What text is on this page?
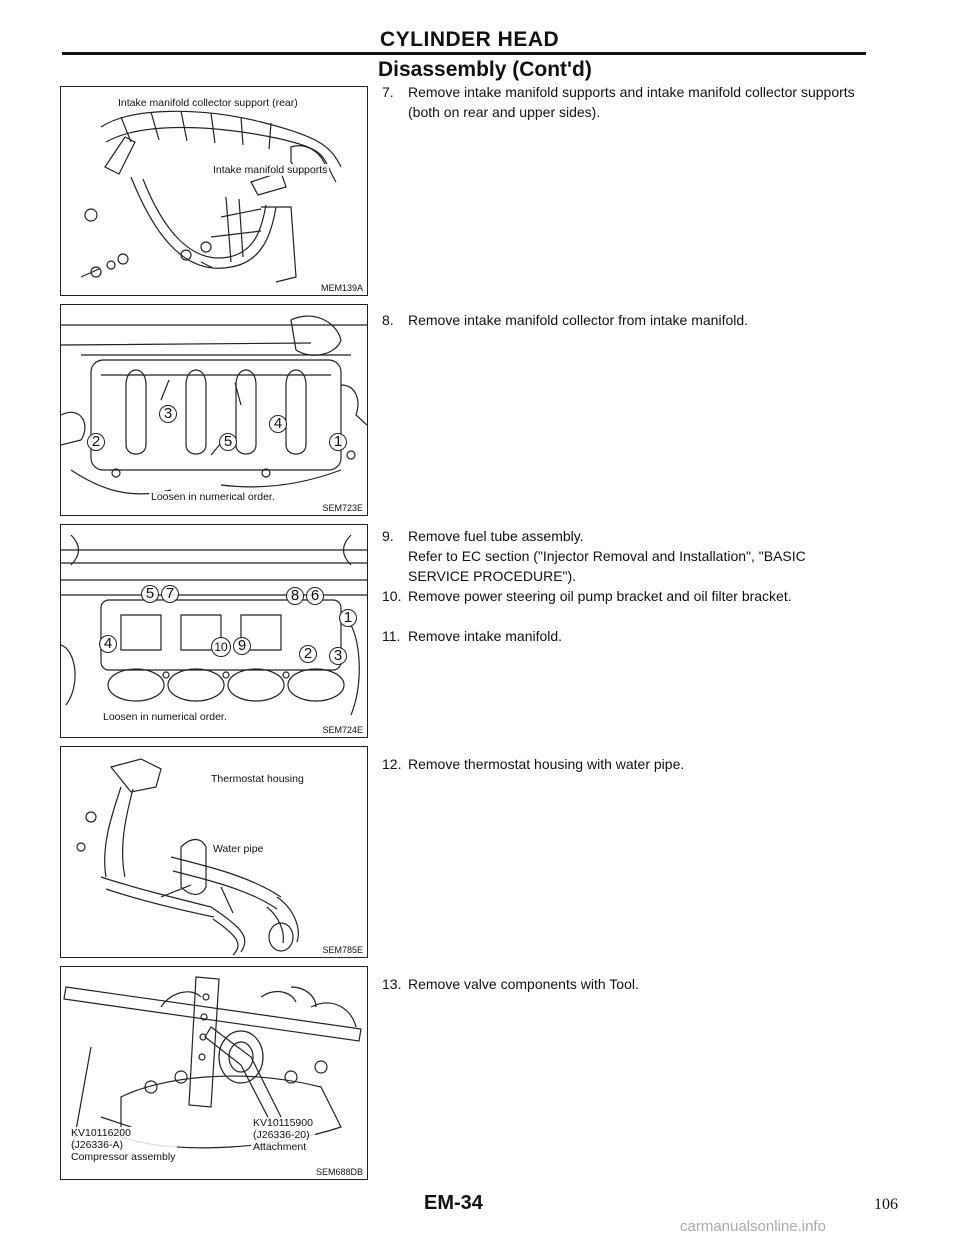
CYLINDER HEAD
Disassembly (Cont'd)
Intake manifold collector support (rear)
Intake manifold supports
MEM139A
3
4
2	5	1
Loosen in numerical order.
SEM723E
5 7	8 6
1
4	10 9	2	3
Loosen in numerical order.
SEM724E
Thermostat housing
Water pipe
SEM785E
KV10116200
(J26336-A)
Compressor assembly
KV10115900
(J26336-20)
Attachment
SEM688DB
7. Remove intake manifold supports and intake manifold collector supports (both on rear and upper sides).
8. Remove intake manifold collector from intake manifold.
9. Remove fuel tube assembly.
Refer to EC section ("Injector Removal and Installation", "BASIC SERVICE PROCEDURE").
10. Remove power steering oil pump bracket and oil filter bracket.
11. Remove intake manifold.
12. Remove thermostat housing with water pipe.
13. Remove valve components with Tool.
EM-34	106
carmanualsonline.info
